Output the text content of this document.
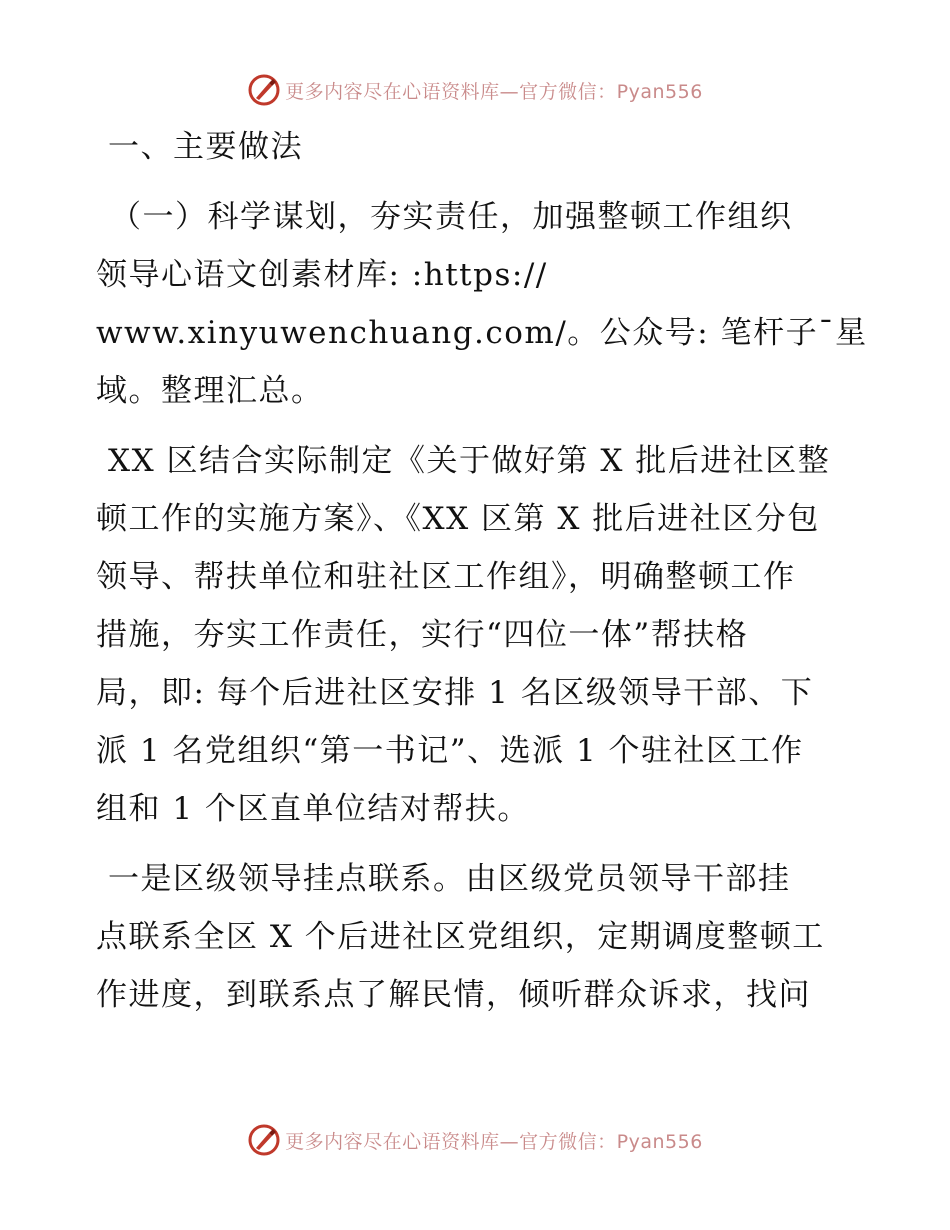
更多内容尽在心语资料库—官方微信：Pyan556
一、主要做法
（一）科学谋划，夯实责任，加强整顿工作组织
领导心语文创素材库: :https://
www.xinyuwenchuang.com/。公众号: 笔杆子¯星
域。整理汇总。
XX 区结合实际制定《关于做好第 X 批后进社区整
顿工作的实施方案》、《XX 区第 X 批后进社区分包
领导、帮扶单位和驻社区工作组》，明确整顿工作
措施，夯实工作责任，实行“四位一体”帮扶格
局，即: 每个后进社区安排 1 名区级领导干部、下
派 1 名党组织“第一书记”、选派 1 个驻社区工作
组和 1 个区直单位结对帮扶。
一是区级领导挂点联系。由区级党员领导干部挂
点联系全区 X 个后进社区党组织，定期调度整顿工
作进度，到联系点了解民情，倾听群众诉求，找问
更多内容尽在心语资料库—官方微信：Pyan556
